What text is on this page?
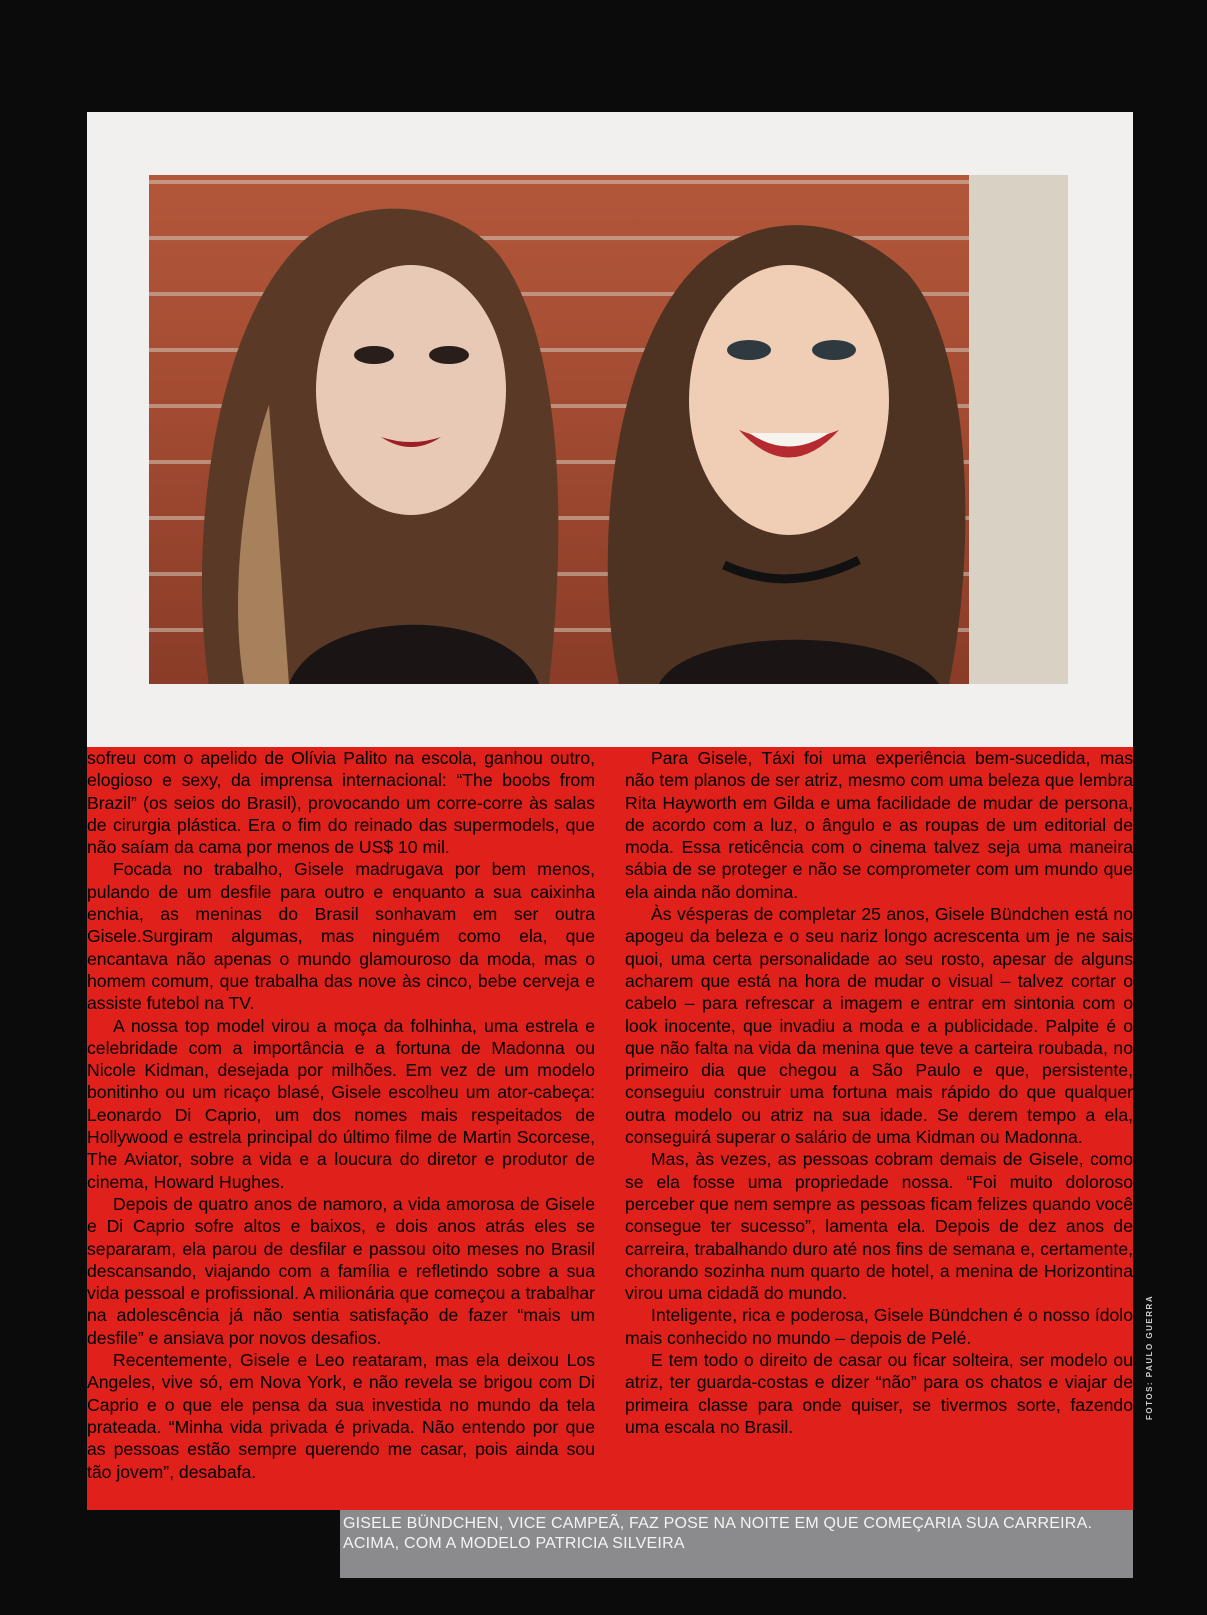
sofreu com o apelido de Olívia Palito na escola, ganhou outro, elogioso e sexy, da imprensa internacional: “The boobs from Brazil” (os seios do Brasil), provocando um corre-corre às salas de cirurgia plástica. Era o fim do reinado das supermodels, que não saíam da cama por menos de US$ 10 mil.

Focada no trabalho, Gisele madrugava por bem menos, pulando de um desfile para outro e enquanto a sua caixinha enchia, as meninas do Brasil sonhavam em ser outra Gisele.Surgiram algumas, mas ninguém como ela, que encantava não apenas o mundo glamouroso da moda, mas o homem comum, que trabalha das nove às cinco, bebe cerveja e assiste futebol na TV.

A nossa top model virou a moça da folhinha, uma estrela e celebridade com a importância e a fortuna de Madonna ou Nicole Kidman, desejada por milhões. Em vez de um modelo bonitinho ou um ricaço blasé, Gisele escolheu um ator-cabeça: Leonardo Di Caprio, um dos nomes mais respeitados de Hollywood e estrela principal do último filme de Martin Scorcese, The Aviator, sobre a vida e a loucura do diretor e produtor de cinema, Howard Hughes.

Depois de quatro anos de namoro, a vida amorosa de Gisele e Di Caprio sofre altos e baixos, e dois anos atrás eles se separaram, ela parou de desfilar e passou oito meses no Brasil descansando, viajando com a família e refletindo sobre a sua vida pessoal e profissional. A milionária que começou a trabalhar na adolescência já não sentia satisfação de fazer “mais um desfile” e ansiava por novos desafios.

Recentemente, Gisele e Leo reataram, mas ela deixou Los Angeles, vive só, em Nova York, e não revela se brigou com Di Caprio e o que ele pensa da sua investida no mundo da tela prateada. “Minha vida privada é privada. Não entendo por que as pessoas estão sempre querendo me casar, pois ainda sou tão jovem”, desabafa.

Para Gisele, Táxi foi uma experiência bem-sucedida, mas não tem planos de ser atriz, mesmo com uma beleza que lembra Rita Hayworth em Gilda e uma facilidade de mudar de persona, de acordo com a luz, o ângulo e as roupas de um editorial de moda. Essa reticência com o cinema talvez seja uma maneira sábia de se proteger e não se comprometer com um mundo que ela ainda não domina.

Às vésperas de completar 25 anos, Gisele Bündchen está no apogeu da beleza e o seu nariz longo acrescenta um je ne sais quoi, uma certa personalidade ao seu rosto, apesar de alguns acharem que está na hora de mudar o visual – talvez cortar o cabelo – para refrescar a imagem e entrar em sintonia com o look inocente, que invadiu a moda e a publicidade. Palpite é o que não falta na vida da menina que teve a carteira roubada, no primeiro dia que chegou a São Paulo e que, persistente, conseguiu construir uma fortuna mais rápido do que qualquer outra modelo ou atriz na sua idade. Se derem tempo a ela, conseguirá superar o salário de uma Kidman ou Madonna.

Mas, às vezes, as pessoas cobram demais de Gisele, como se ela fosse uma propriedade nossa. “Foi muito doloroso perceber que nem sempre as pessoas ficam felizes quando você consegue ter sucesso”, lamenta ela. Depois de dez anos de carreira, trabalhando duro até nos fins de semana e, certamente, chorando sozinha num quarto de hotel, a menina de Horizontina virou uma cidadã do mundo.

Inteligente, rica e poderosa, Gisele Bündchen é o nosso ídolo mais conhecido no mundo – depois de Pelé.

E tem todo o direito de casar ou ficar solteira, ser modelo ou atriz, ter guarda-costas e dizer “não” para os chatos e viajar de primeira classe para onde quiser, se tivermos sorte, fazendo uma escala no Brasil.

FOTOS: PAULO GUERRA
GISELE BÜNDCHEN, VICE CAMPEÃ, FAZ POSE NA NOITE EM QUE COMEÇARIA SUA CARREIRA.
ACIMA, COM A MODELO PATRICIA SILVEIRA
